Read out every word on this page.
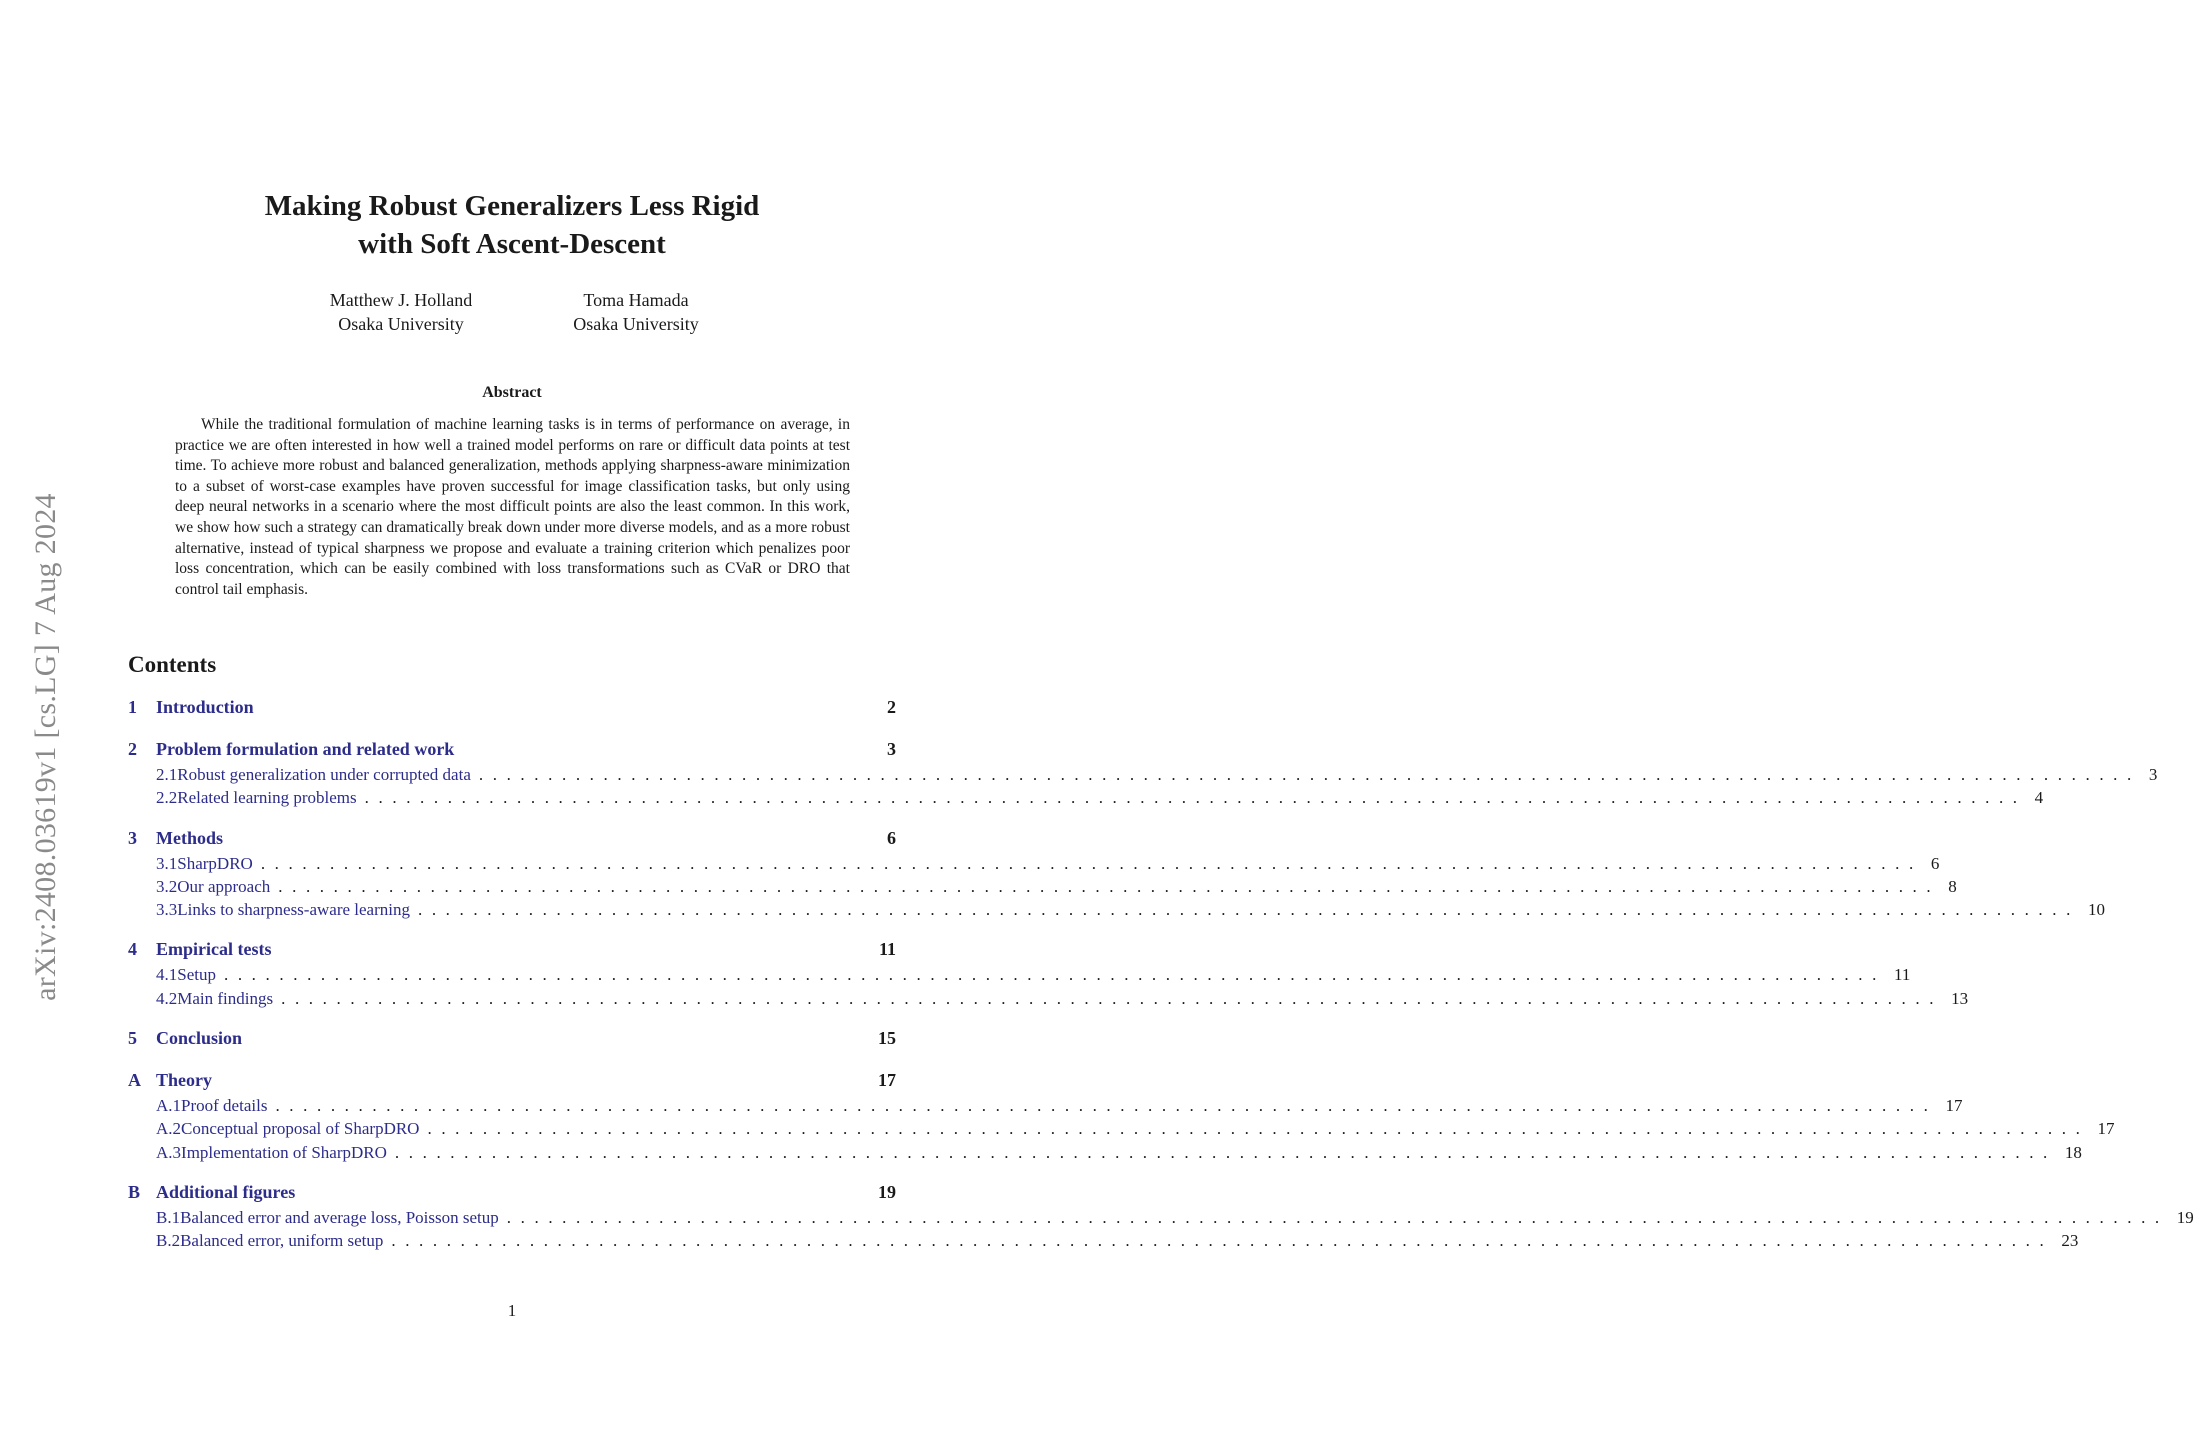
arXiv:2408.03619v1 [cs.LG] 7 Aug 2024
Making Robust Generalizers Less Rigid
with Soft Ascent-Descent
Matthew J. Holland
Osaka University
Toma Hamada
Osaka University
Abstract
While the traditional formulation of machine learning tasks is in terms of performance on average, in practice we are often interested in how well a trained model performs on rare or difficult data points at test time. To achieve more robust and balanced generalization, methods applying sharpness-aware minimization to a subset of worst-case examples have proven successful for image classification tasks, but only using deep neural networks in a scenario where the most difficult points are also the least common. In this work, we show how such a strategy can dramatically break down under more diverse models, and as a more robust alternative, instead of typical sharpness we propose and evaluate a training criterion which penalizes poor loss concentration, which can be easily combined with loss transformations such as CVaR or DRO that control tail emphasis.
Contents
1	Introduction	2
2	Problem formulation and related work	3
2.1 Robust generalization under corrupted data ........................................................................................................................ 3
2.2 Related learning problems ........................................................................................................................ 4
3	Methods	6
3.1 SharpDRO ........................................................................................................................ 6
3.2 Our approach ........................................................................................................................ 8
3.3 Links to sharpness-aware learning ........................................................................................................................ 10
4	Empirical tests	11
4.1 Setup ........................................................................................................................ 11
4.2 Main findings ........................................................................................................................ 13
5	Conclusion	15
A Theory	17
A.1 Proof details ........................................................................................................................ 17
A.2 Conceptual proposal of SharpDRO ........................................................................................................................ 17
A.3 Implementation of SharpDRO ........................................................................................................................ 18
B Additional figures	19
B.1 Balanced error and average loss, Poisson setup ........................................................................................................................ 19
B.2 Balanced error, uniform setup ........................................................................................................................ 23
1
